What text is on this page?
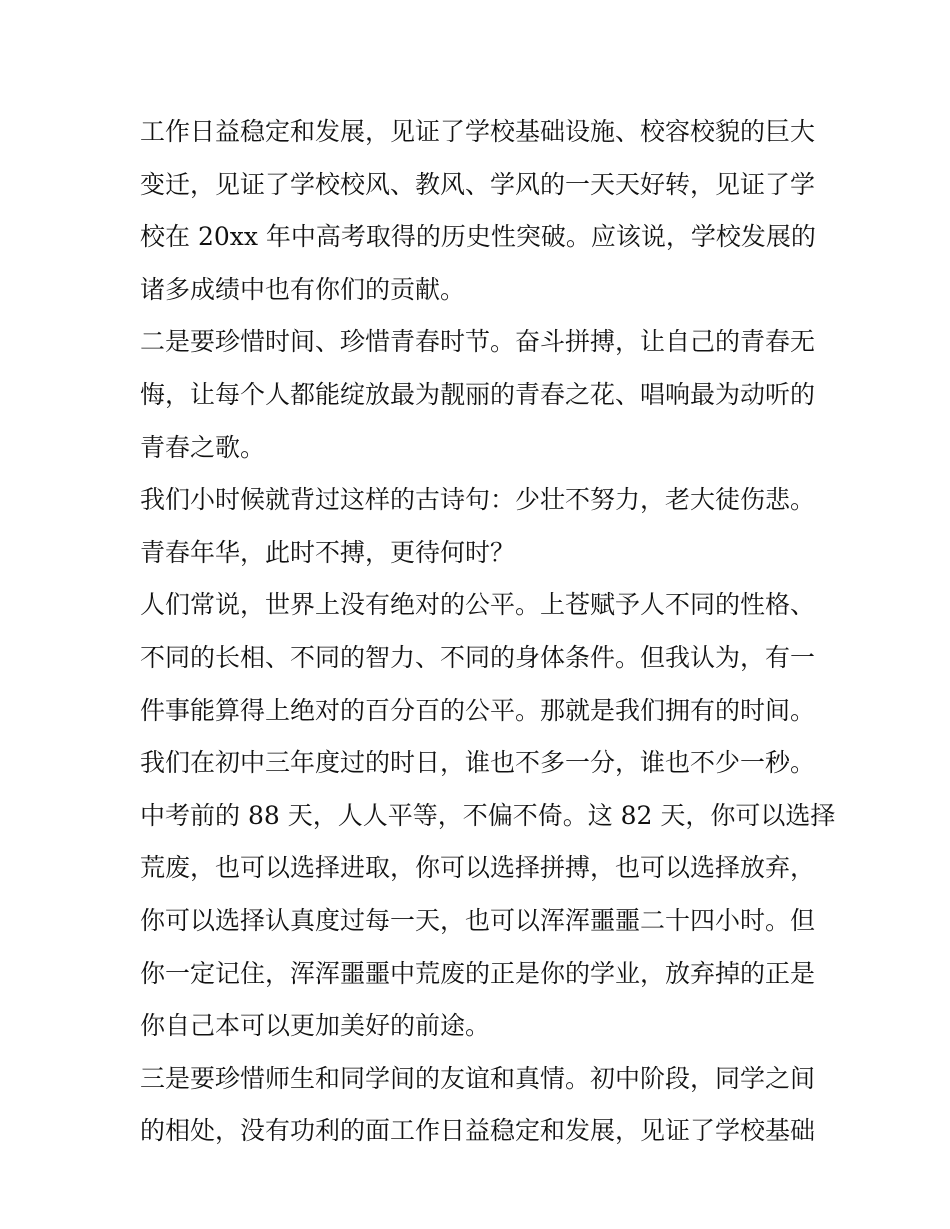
工作日益稳定和发展，见证了学校基础设施、校容校貌的巨大
变迁，见证了学校校风、教风、学风的一天天好转，见证了学
校在 20xx 年中高考取得的历史性突破。应该说，学校发展的
诸多成绩中也有你们的贡献。
二是要珍惜时间、珍惜青春时节。奋斗拼搏，让自己的青春无
悔，让每个人都能绽放最为靓丽的青春之花、唱响最为动听的
青春之歌。
我们小时候就背过这样的古诗句：少壮不努力，老大徒伤悲。
青春年华，此时不搏，更待何时？
人们常说，世界上没有绝对的公平。上苍赋予人不同的性格、
不同的长相、不同的智力、不同的身体条件。但我认为，有一
件事能算得上绝对的百分百的公平。那就是我们拥有的时间。
我们在初中三年度过的时日，谁也不多一分，谁也不少一秒。
中考前的 88 天，人人平等，不偏不倚。这 82 天，你可以选择
荒废，也可以选择进取，你可以选择拼搏，也可以选择放弃，
你可以选择认真度过每一天，也可以浑浑噩噩二十四小时。但
你一定记住，浑浑噩噩中荒废的正是你的学业，放弃掉的正是
你自己本可以更加美好的前途。
三是要珍惜师生和同学间的友谊和真情。初中阶段，同学之间
的相处，没有功利的面工作日益稳定和发展，见证了学校基础
